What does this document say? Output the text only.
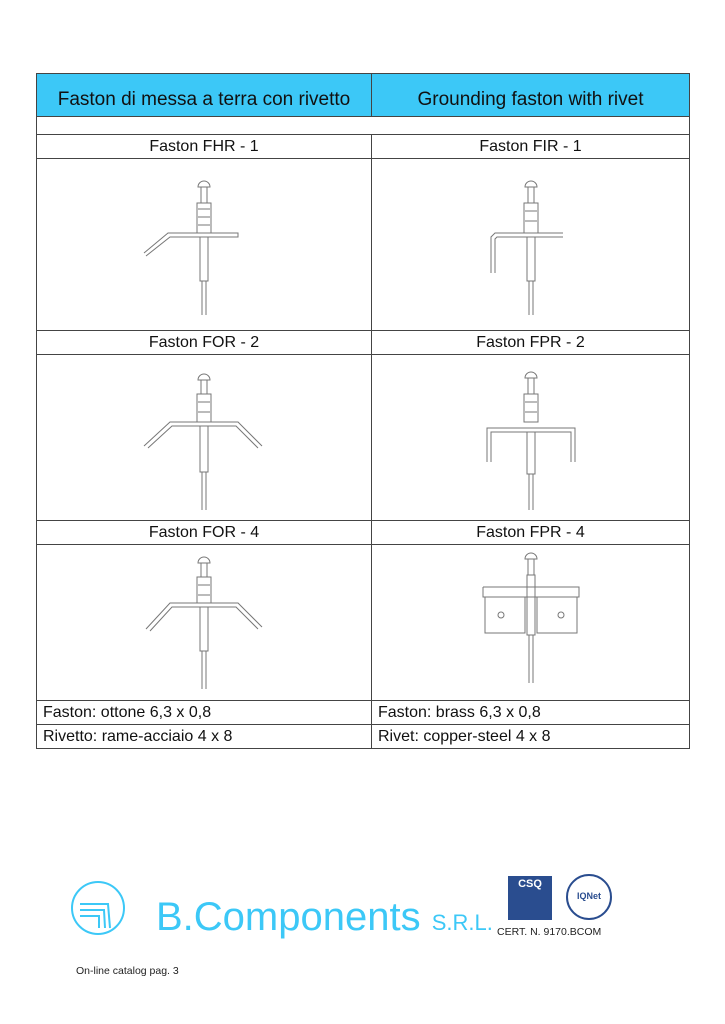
Faston di messa a terra con rivetto	Grounding faston with rivet
Faston FHR - 1	Faston FIR - 1
Faston FOR - 2	Faston FPR - 2
Faston FOR - 4	Faston FPR - 4
Faston: ottone 6,3 x 0,8	Faston: brass 6,3 x 0,8
Rivetto: rame-acciaio 4 x 8	Rivet: copper-steel 4 x 8
B.Components S.R.L.
CSQ
IQNet
CERT. N. 9170.BCOM
On-line catalog pag. 3
